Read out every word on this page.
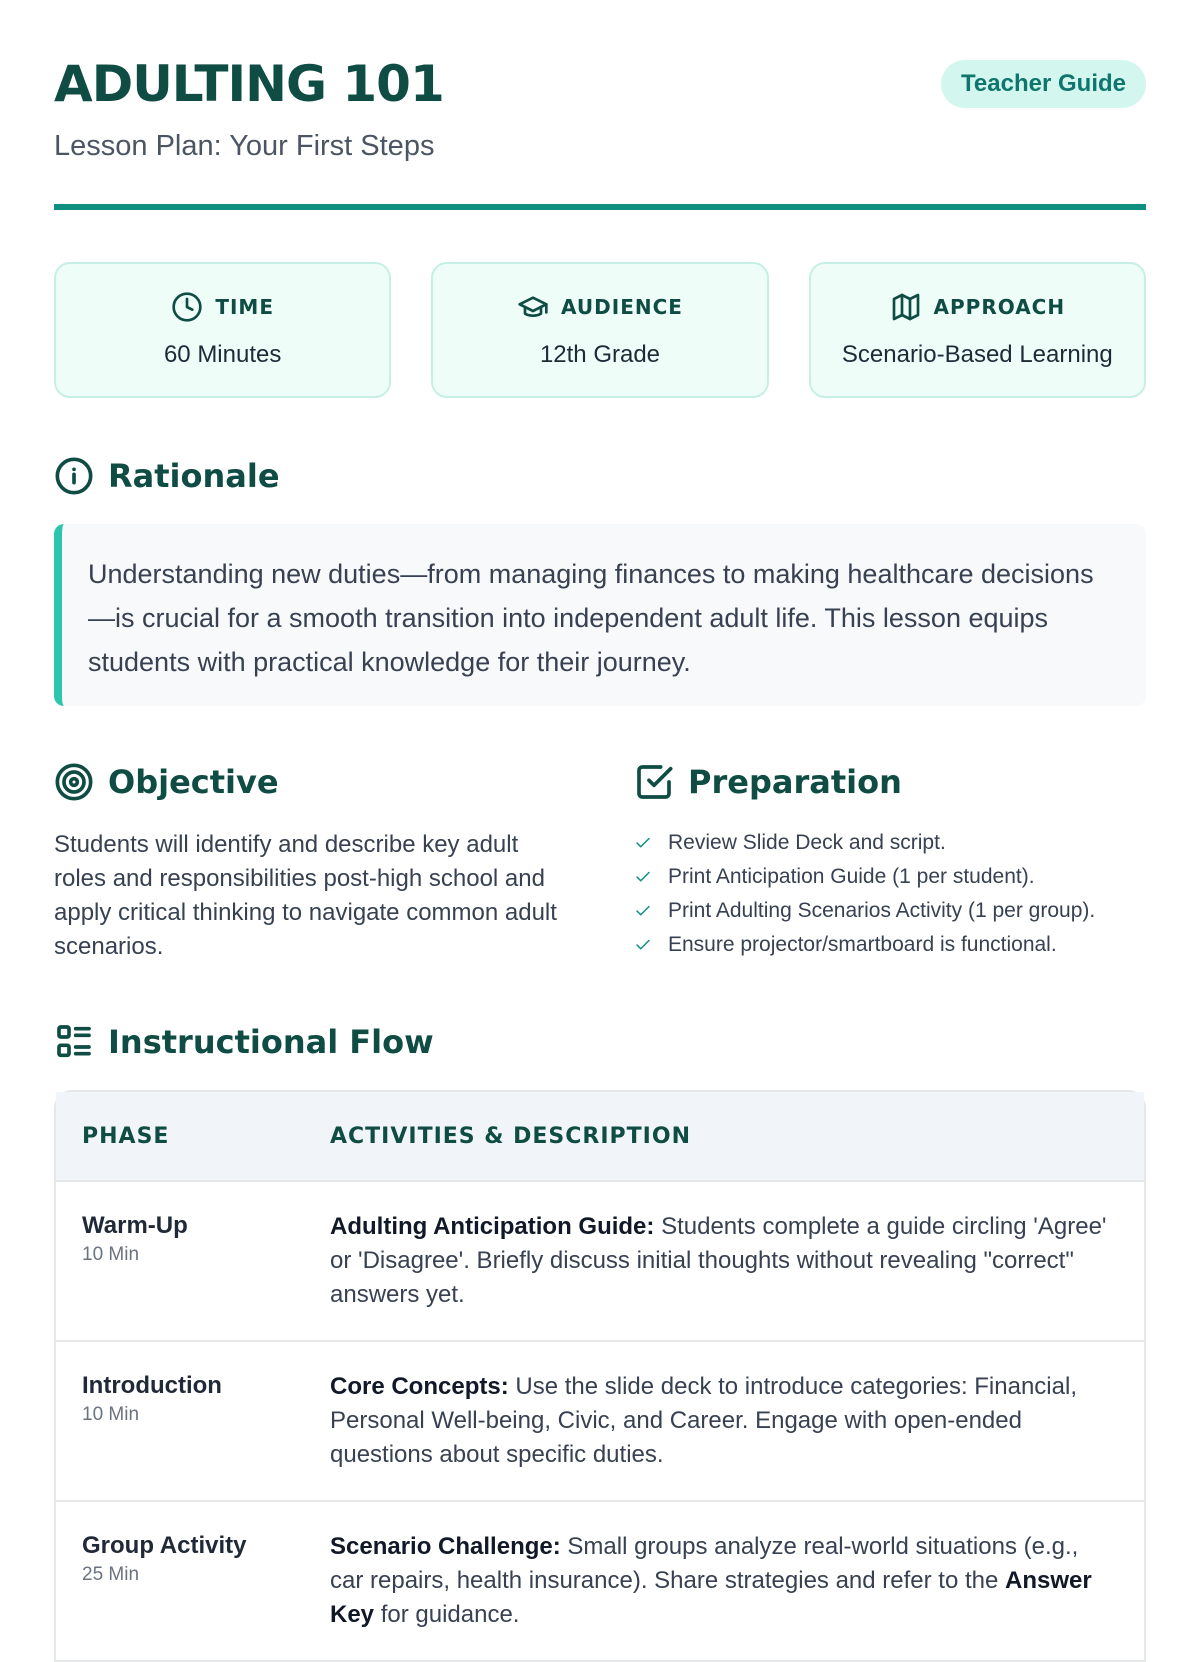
ADULTING 101
Lesson Plan: Your First Steps
Teacher Guide
TIME
60 Minutes
AUDIENCE
12th Grade
APPROACH
Scenario-Based Learning
Rationale
Understanding new duties—from managing finances to making healthcare decisions—is crucial for a smooth transition into independent adult life. This lesson equips students with practical knowledge for their journey.
Objective
Students will identify and describe key adult roles and responsibilities post-high school and apply critical thinking to navigate common adult scenarios.
Preparation
Review Slide Deck and script.
Print Anticipation Guide (1 per student).
Print Adulting Scenarios Activity (1 per group).
Ensure projector/smartboard is functional.
Instructional Flow
PHASE	ACTIVITIES & DESCRIPTION
Warm-Up
10 Min
Adulting Anticipation Guide: Students complete a guide circling 'Agree' or 'Disagree'. Briefly discuss initial thoughts without revealing "correct" answers yet.
Introduction
10 Min
Core Concepts: Use the slide deck to introduce categories: Financial, Personal Well-being, Civic, and Career. Engage with open-ended questions about specific duties.
Group Activity
25 Min
Scenario Challenge: Small groups analyze real-world situations (e.g., car repairs, health insurance). Share strategies and refer to the Answer Key for guidance.
